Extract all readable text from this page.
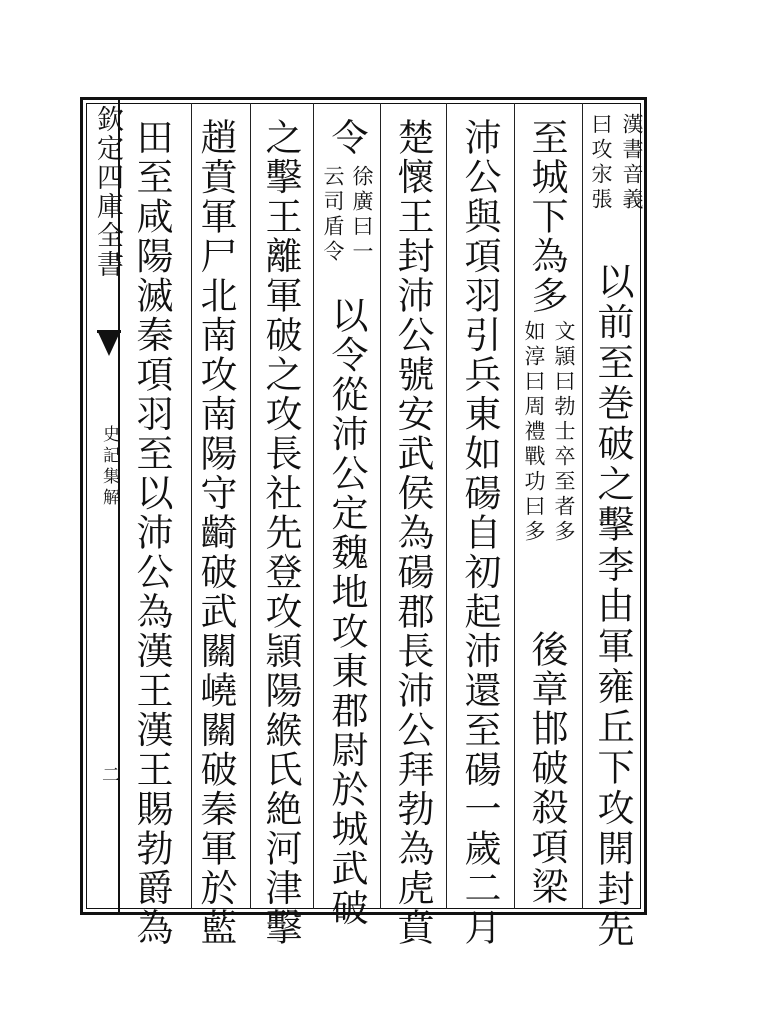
欽定四庫全書
史記集解
二
漢書音義
曰攻㲾張
以前至巻破之擊李由軍雍丘下攻開封先
至城下為多
文頴曰勃士卒至者多
如淳曰周禮戰功曰多
後章邯破殺項梁
沛公與項羽引兵東如碭自初起沛還至碭一歲二月
楚懷王封沛公號安武侯為碭郡長沛公拜勃為虎賁
令
徐廣曰一
云司盾令
以令從沛公定魏地攻東郡尉於城武破
之擊王離軍破之攻長社先登攻頴陽緱氏絶河津擊
趙賁軍尸北南攻南陽守齮破武關嶢關破秦軍於藍
田至咸陽滅秦項羽至以沛公為漢王漢王賜勃爵為
